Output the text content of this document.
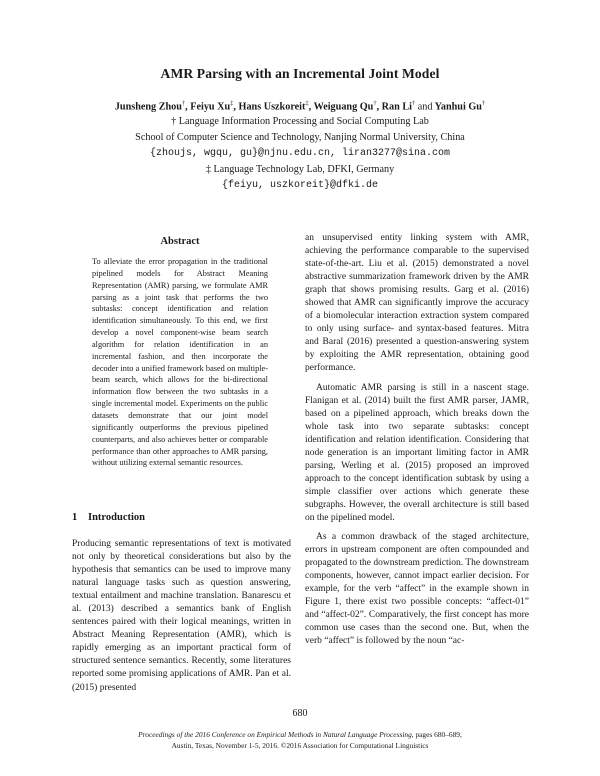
AMR Parsing with an Incremental Joint Model
Junsheng Zhou†, Feiyu Xu‡, Hans Uszkoreit‡, Weiguang Qu†, Ran Li† and Yanhui Gu†
† Language Information Processing and Social Computing Lab
School of Computer Science and Technology, Nanjing Normal University, China
{zhoujs, wgqu, gu}@njnu.edu.cn, liran3277@sina.com
‡ Language Technology Lab, DFKI, Germany
{feiyu, uszkoreit}@dfki.de
Abstract
To alleviate the error propagation in the traditional pipelined models for Abstract Meaning Representation (AMR) parsing, we formulate AMR parsing as a joint task that performs the two subtasks: concept identification and relation identification simultaneously. To this end, we first develop a novel component-wise beam search algorithm for relation identification in an incremental fashion, and then incorporate the decoder into a unified framework based on multiple-beam search, which allows for the bi-directional information flow between the two subtasks in a single incremental model. Experiments on the public datasets demonstrate that our joint model significantly outperforms the previous pipelined counterparts, and also achieves better or comparable performance than other approaches to AMR parsing, without utilizing external semantic resources.
1 Introduction

Producing semantic representations of text is motivated not only by theoretical considerations but also by the hypothesis that semantics can be used to improve many natural language tasks such as question answering, textual entailment and machine translation. Banarescu et al. (2013) described a semantics bank of English sentences paired with their logical meanings, written in Abstract Meaning Representation (AMR), which is rapidly emerging as an important practical form of structured sentence semantics. Recently, some literatures reported some promising applications of AMR. Pan et al. (2015) presented

an unsupervised entity linking system with AMR, achieving the performance comparable to the supervised state-of-the-art. Liu et al. (2015) demonstrated a novel abstractive summarization framework driven by the AMR graph that shows promising results. Garg et al. (2016) showed that AMR can significantly improve the accuracy of a biomolecular interaction extraction system compared to only using surface- and syntax-based features. Mitra and Baral (2016) presented a question-answering system by exploiting the AMR representation, obtaining good performance.

Automatic AMR parsing is still in a nascent stage. Flanigan et al. (2014) built the first AMR parser, JAMR, based on a pipelined approach, which breaks down the whole task into two separate subtasks: concept identification and relation identification. Considering that node generation is an important limiting factor in AMR parsing, Werling et al. (2015) proposed an improved approach to the concept identification subtask by using a simple classifier over actions which generate these subgraphs. However, the overall architecture is still based on the pipelined model.

As a common drawback of the staged architecture, errors in upstream component are often compounded and propagated to the downstream prediction. The downstream components, however, cannot impact earlier decision. For example, for the verb “affect” in the example shown in Figure 1, there exist two possible concepts: “affect-01” and “affect-02”. Comparatively, the first concept has more common use cases than the second one. But, when the verb “affect” is followed by the noun “ac-

680
Proceedings of the 2016 Conference on Empirical Methods in Natural Language Processing, pages 680–689,
Austin, Texas, November 1-5, 2016. ©2016 Association for Computational Linguistics
